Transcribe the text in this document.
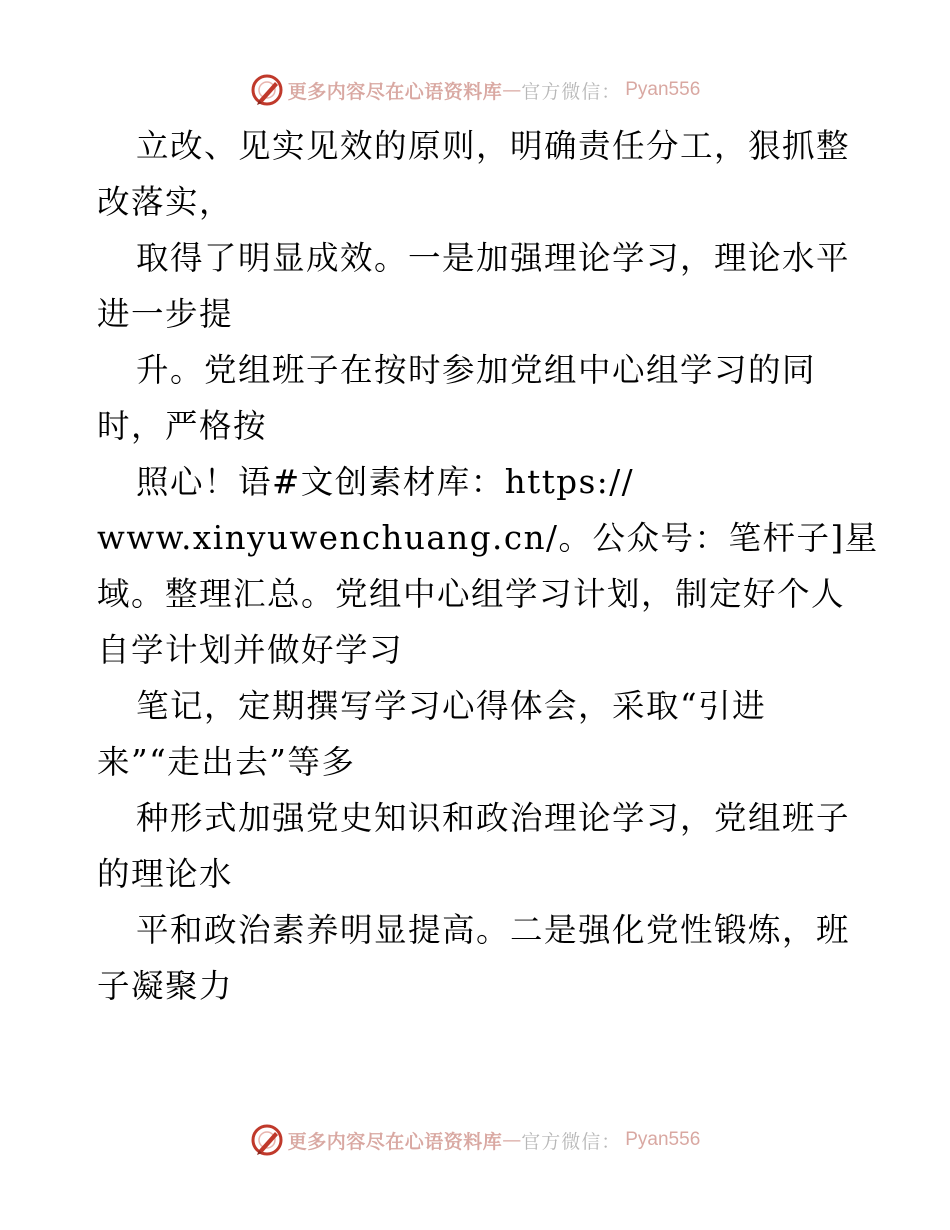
更多内容尽在心语资料库 — 官方微信： Pyan556
立改、见实见效的原则，明确责任分工，狠抓整
改落实，
取得了明显成效。一是加强理论学习，理论水平
进一步提
升。党组班子在按时参加党组中心组学习的同
时，严格按
照心！语#文创素材库：https://
www.xinyuwenchuang.cn/。公众号：笔杆子]星
域。整理汇总。党组中心组学习计划，制定好个人
自学计划并做好学习
笔记，定期撰写学习心得体会，采取“引进
来”“走出去”等多
种形式加强党史知识和政治理论学习，党组班子
的理论水
平和政治素养明显提高。二是强化党性锻炼，班
子凝聚力
更多内容尽在心语资料库 — 官方微信： Pyan556
